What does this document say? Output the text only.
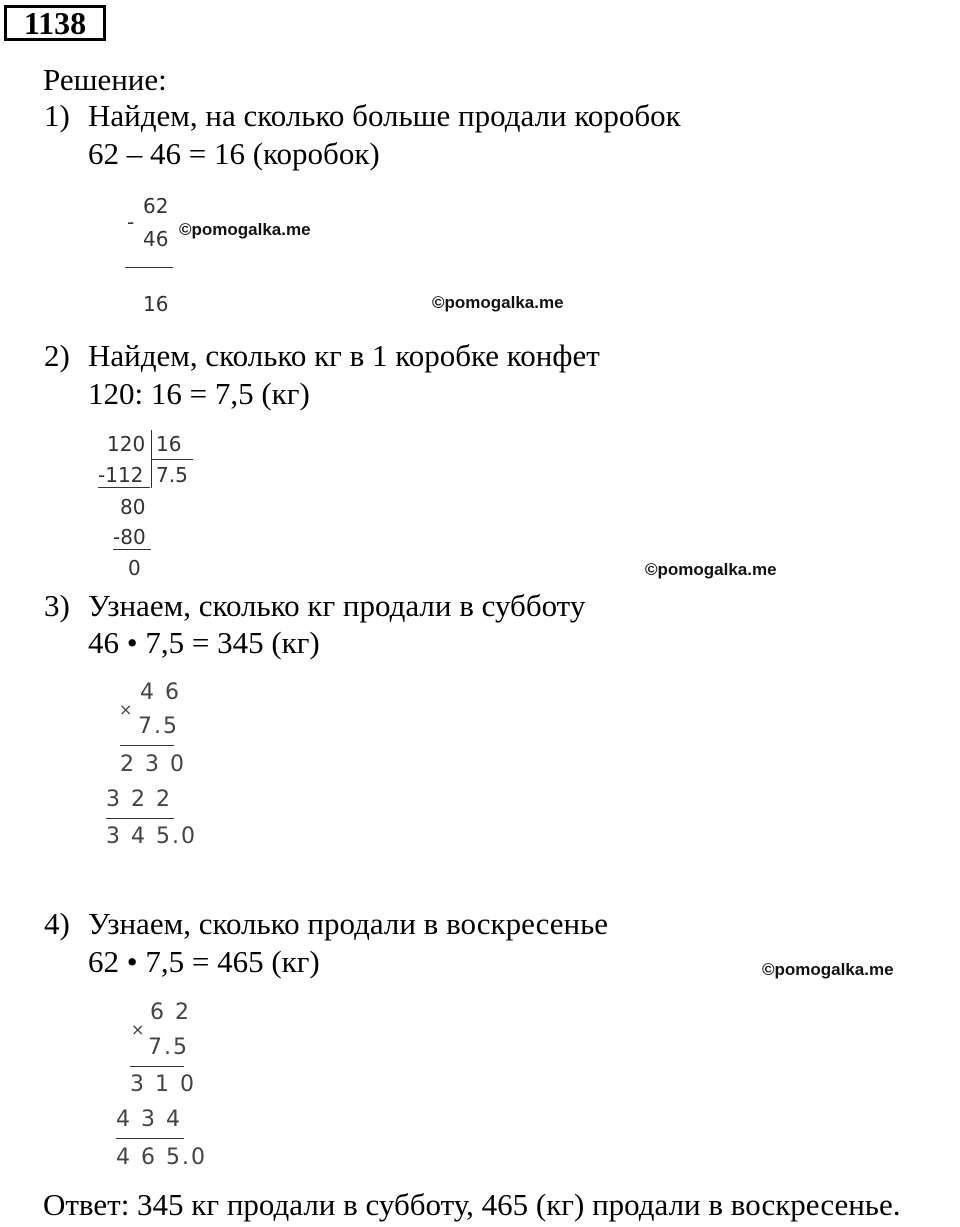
1138
Решение:
1) Найдем, на сколько больше продали коробок
62 – 46 = 16 (коробок)
-
62
46
16
©pomogalka.me
©pomogalka.me
2) Найдем, сколько кг в 1 коробке конфет
120: 16 = 7,5 (кг)
120 16
-112 7.5
80
-80
0	©pomogalka.me
3) Узнаем, сколько кг продали в субботу
46 • 7,5 = 345 (кг)
×
4 6
7.5
2 3 0
3 2 2
3 4 5.0
4) Узнаем, сколько продали в воскресенье
62 • 7,5 = 465 (кг)	©pomogalka.me
×
6 2
7.5
3 1 0
4 3 4
4 6 5.0
Ответ: 345 кг продали в субботу, 465 (кг) продали в воскресенье.
